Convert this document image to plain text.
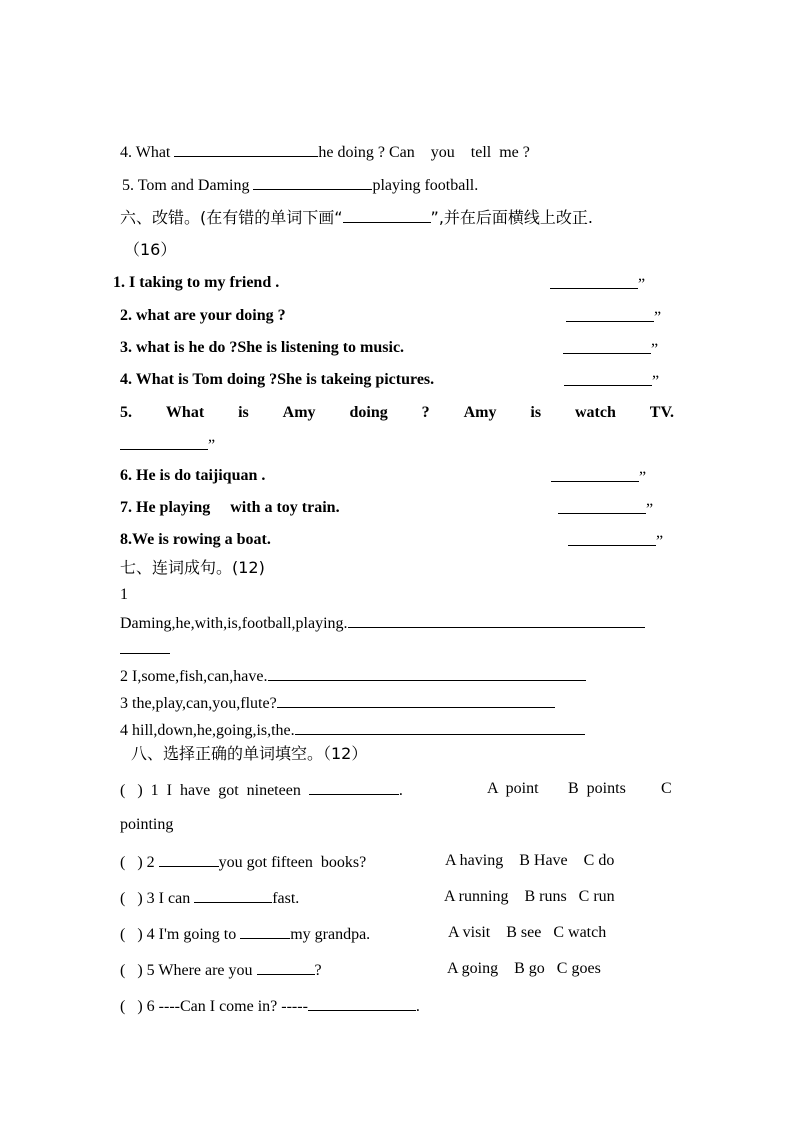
4. What	he doing ? Can    you    tell  me ?
5. Tom and Daming	playing football.
六、改错。(在有错的单词下画“	”,并在后面横线上改正.
（16）
1. I taking to my friend .	”
2. what are your doing ?	”
3. what is he do ?She is listening to music.	”
4. What is Tom doing ?She is takeing pictures.	”
5. What is Amy doing ? Amy is watch TV.
”
6. He is do taijiquan .	”
7. He playing     with a toy train.	”
8.We is rowing a boat.	”
七、连词成句。(12)
1
Daming,he,with,is,football,playing.
2 I,some,fish,can,have.
3 the,play,can,you,flute?
4 hill,down,he,going,is,the.
八、选择正确的单词填空。（12）
(   )  1  I  have  got  nineteen	.	A  point B  points C
pointing
(   ) 2	you got fifteen  books?	A having    B Have    C do
(   ) 3 I can	fast.	A running    B runs   C run
(   ) 4 I'm going to	my grandpa.	A visit    B see   C watch
(   ) 5 Where are you	?	A going    B go   C goes
(   ) 6 ----Can I come in? -----	.
